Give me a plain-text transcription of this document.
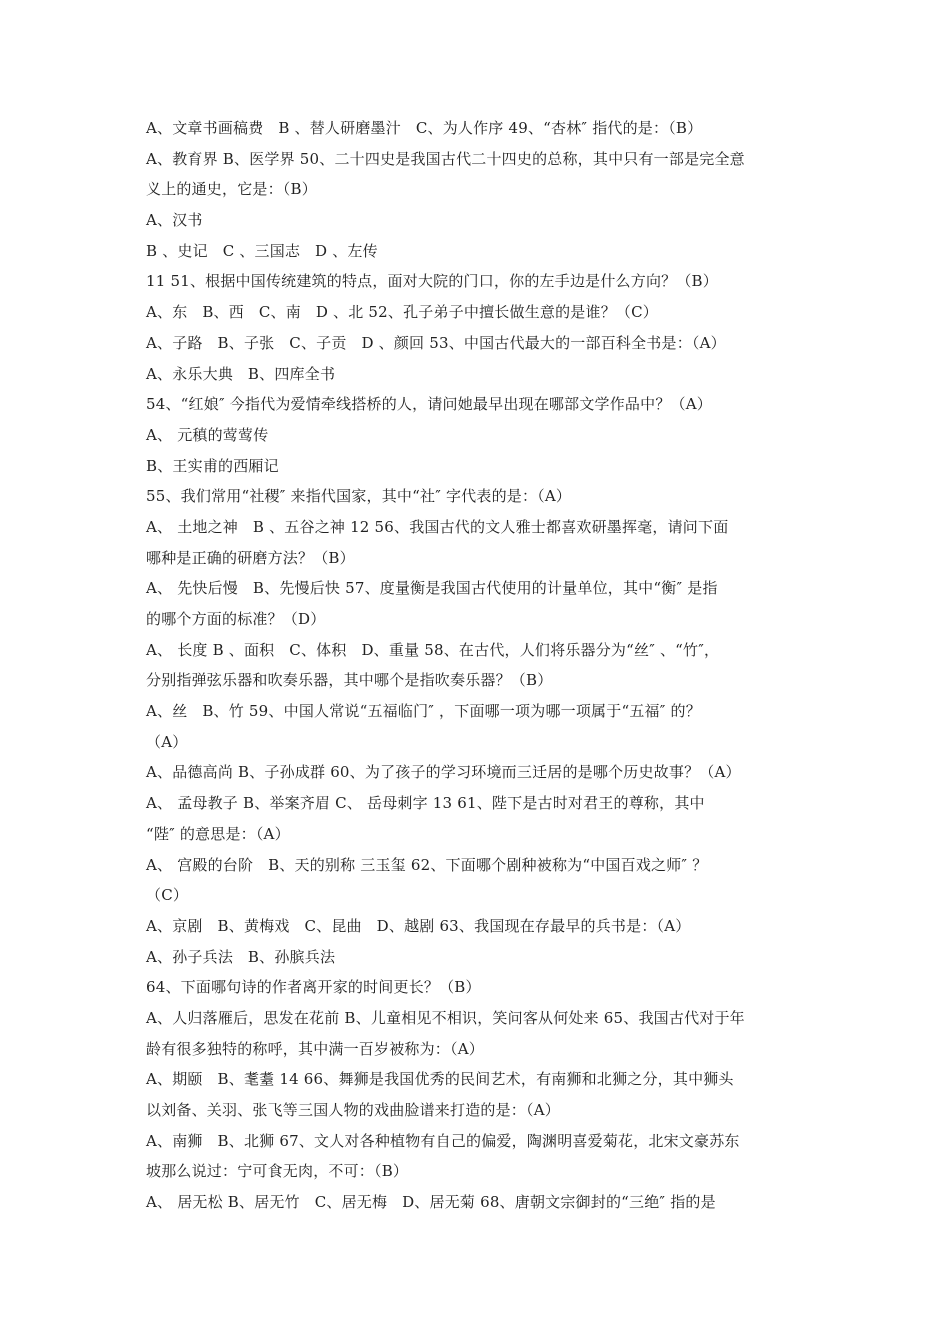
A、文章书画稿费   B 、替人研磨墨汁   C、为人作序 49、“杏林″ 指代的是：（B）
A、教育界 B、医学界 50、二十四史是我国古代二十四史的总称，其中只有一部是完全意
义上的通史，它是：（B）
A、汉书
B 、史记   C 、三国志   D 、左传
11 51、根据中国传统建筑的特点，面对大院的门口，你的左手边是什么方向？（B）
A、东   B、西   C、南   D 、北 52、孔子弟子中擅长做生意的是谁？（C）
A、子路   B、子张   C、子贡   D 、颜回 53、中国古代最大的一部百科全书是：（A）
A、永乐大典   B、四库全书
54、“红娘″ 今指代为爱情牵线搭桥的人，请问她最早出现在哪部文学作品中？（A）
A、 元稹的莺莺传
B、王实甫的西厢记
55、我们常用“社稷″ 来指代国家，其中“社″ 字代表的是：（A）
A、 土地之神   B 、五谷之神 12 56、我国古代的文人雅士都喜欢研墨挥毫，请问下面
哪种是正确的研磨方法？（B）
A、 先快后慢   B、先慢后快 57、度量衡是我国古代使用的计量单位，其中“衡″ 是指
的哪个方面的标准？（D）
A、 长度 B 、面积   C、体积   D、重量 58、在古代，人们将乐器分为“丝″ 、“竹″，
分别指弹弦乐器和吹奏乐器，其中哪个是指吹奏乐器？（B）
A、丝   B、竹 59、中国人常说“五福临门″ ，下面哪一项为哪一项属于“五福″ 的？
（A）
A、品德高尚 B、子孙成群 60、为了孩子的学习环境而三迁居的是哪个历史故事？（A）
A、 孟母教子 B、举案齐眉 C、 岳母刺字 13 61、陛下是古时对君王的尊称，其中
“陛″ 的意思是：（A）
A、 宫殿的台阶   B、天的别称 三玉玺 62、下面哪个剧种被称为“中国百戏之师″ ？
（C）
A、京剧   B、黄梅戏   C、昆曲   D、越剧 63、我国现在存最早的兵书是：（A）
A、孙子兵法   B、孙膑兵法
64、下面哪句诗的作者离开家的时间更长？（B）
A、人归落雁后，思发在花前 B、儿童相见不相识，笑问客从何处来 65、我国古代对于年
龄有很多独特的称呼，其中满一百岁被称为：（A）
A、期颐   B、耄耋 14 66、舞狮是我国优秀的民间艺术，有南狮和北狮之分，其中狮头
以刘备、关羽、张飞等三国人物的戏曲脸谱来打造的是：（A）
A、南狮   B、北狮 67、文人对各种植物有自己的偏爱，陶渊明喜爱菊花，北宋文豪苏东
坡那么说过：宁可食无肉，不可：（B）
A、 居无松 B、居无竹   C、居无梅   D、居无菊 68、唐朝文宗御封的“三绝″ 指的是
